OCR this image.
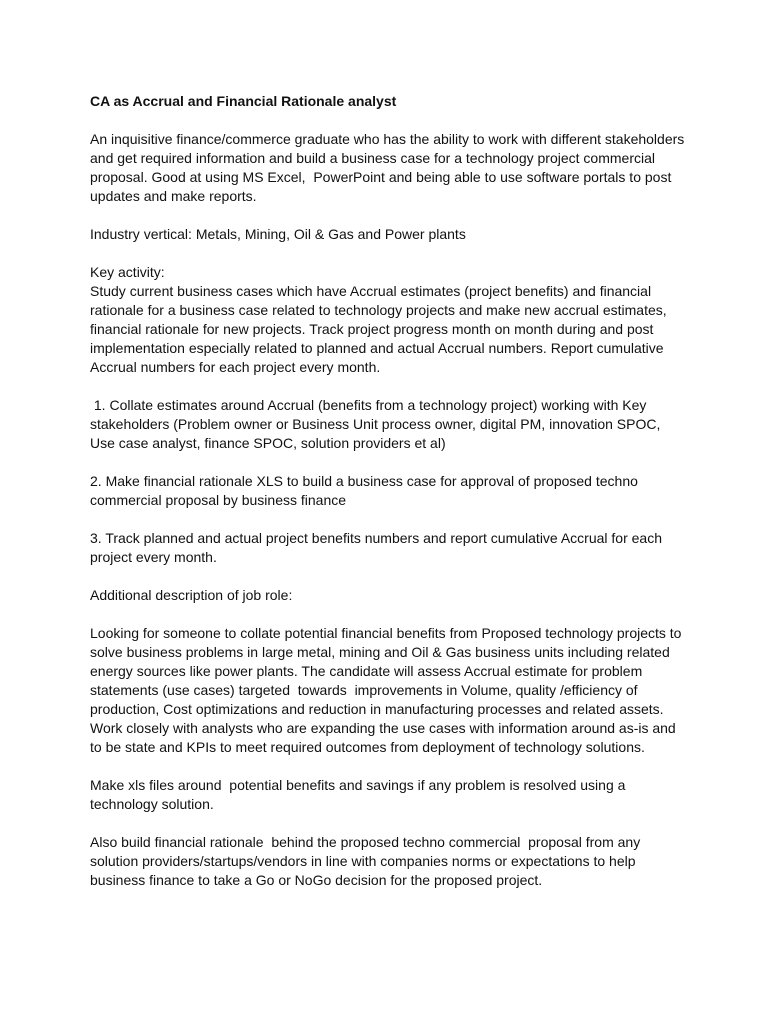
CA as Accrual and Financial Rationale analyst
An inquisitive finance/commerce graduate who has the ability to work with different stakeholders
and get required information and build a business case for a technology project commercial
proposal. Good at using MS Excel,  PowerPoint and being able to use software portals to post
updates and make reports.
Industry vertical: Metals, Mining, Oil & Gas and Power plants
Key activity:
Study current business cases which have Accrual estimates (project benefits) and financial
rationale for a business case related to technology projects and make new accrual estimates,
financial rationale for new projects. Track project progress month on month during and post
implementation especially related to planned and actual Accrual numbers. Report cumulative
Accrual numbers for each project every month.
1. Collate estimates around Accrual (benefits from a technology project) working with Key
stakeholders (Problem owner or Business Unit process owner, digital PM, innovation SPOC,
Use case analyst, finance SPOC, solution providers et al)
2. Make financial rationale XLS to build a business case for approval of proposed techno
commercial proposal by business finance
3. Track planned and actual project benefits numbers and report cumulative Accrual for each
project every month.
Additional description of job role:
Looking for someone to collate potential financial benefits from Proposed technology projects to
solve business problems in large metal, mining and Oil & Gas business units including related
energy sources like power plants. The candidate will assess Accrual estimate for problem
statements (use cases) targeted  towards  improvements in Volume, quality /efficiency of
production, Cost optimizations and reduction in manufacturing processes and related assets.
Work closely with analysts who are expanding the use cases with information around as-is and
to be state and KPIs to meet required outcomes from deployment of technology solutions.
Make xls files around  potential benefits and savings if any problem is resolved using a
technology solution.
Also build financial rationale  behind the proposed techno commercial  proposal from any
solution providers/startups/vendors in line with companies norms or expectations to help
business finance to take a Go or NoGo decision for the proposed project.
